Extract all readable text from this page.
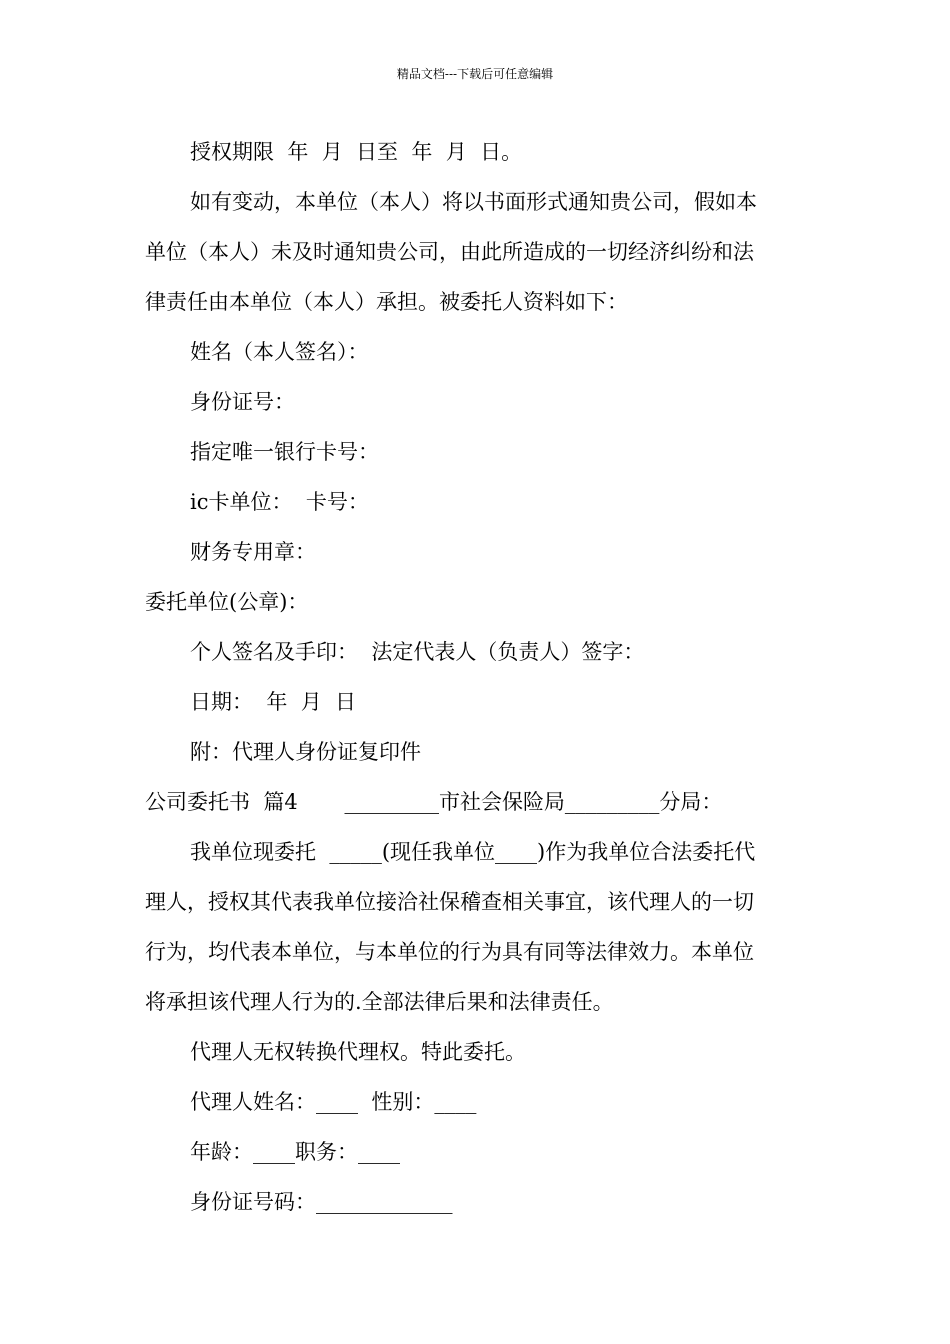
精品文档---下载后可任意编辑
授权期限  年  月  日至  年  月  日。
如有变动，本单位（本人）将以书面形式通知贵公司，假如本
单位（本人）未及时通知贵公司，由此所造成的一切经济纠纷和法
律责任由本单位（本人）承担。被委托人资料如下：
姓名（本人签名）：
身份证号：
指定唯一银行卡号：
ic卡单位：  卡号：
财务专用章：
委托单位(公章)：
个人签名及手印：  法定代表人（负责人）签字：
日期：  年  月  日
附：代理人身份证复印件
公司委托书  篇4       _________市社会保险局_________分局：
我单位现委托  _____(现任我单位____)作为我单位合法委托代
理人，授权其代表我单位接洽社保稽查相关事宜，该代理人的一切
行为，均代表本单位，与本单位的行为具有同等法律效力。本单位
将承担该代理人行为的.全部法律后果和法律责任。
代理人无权转换代理权。特此委托。
代理人姓名：____  性别：____
年龄：____职务：____
身份证号码：_____________
